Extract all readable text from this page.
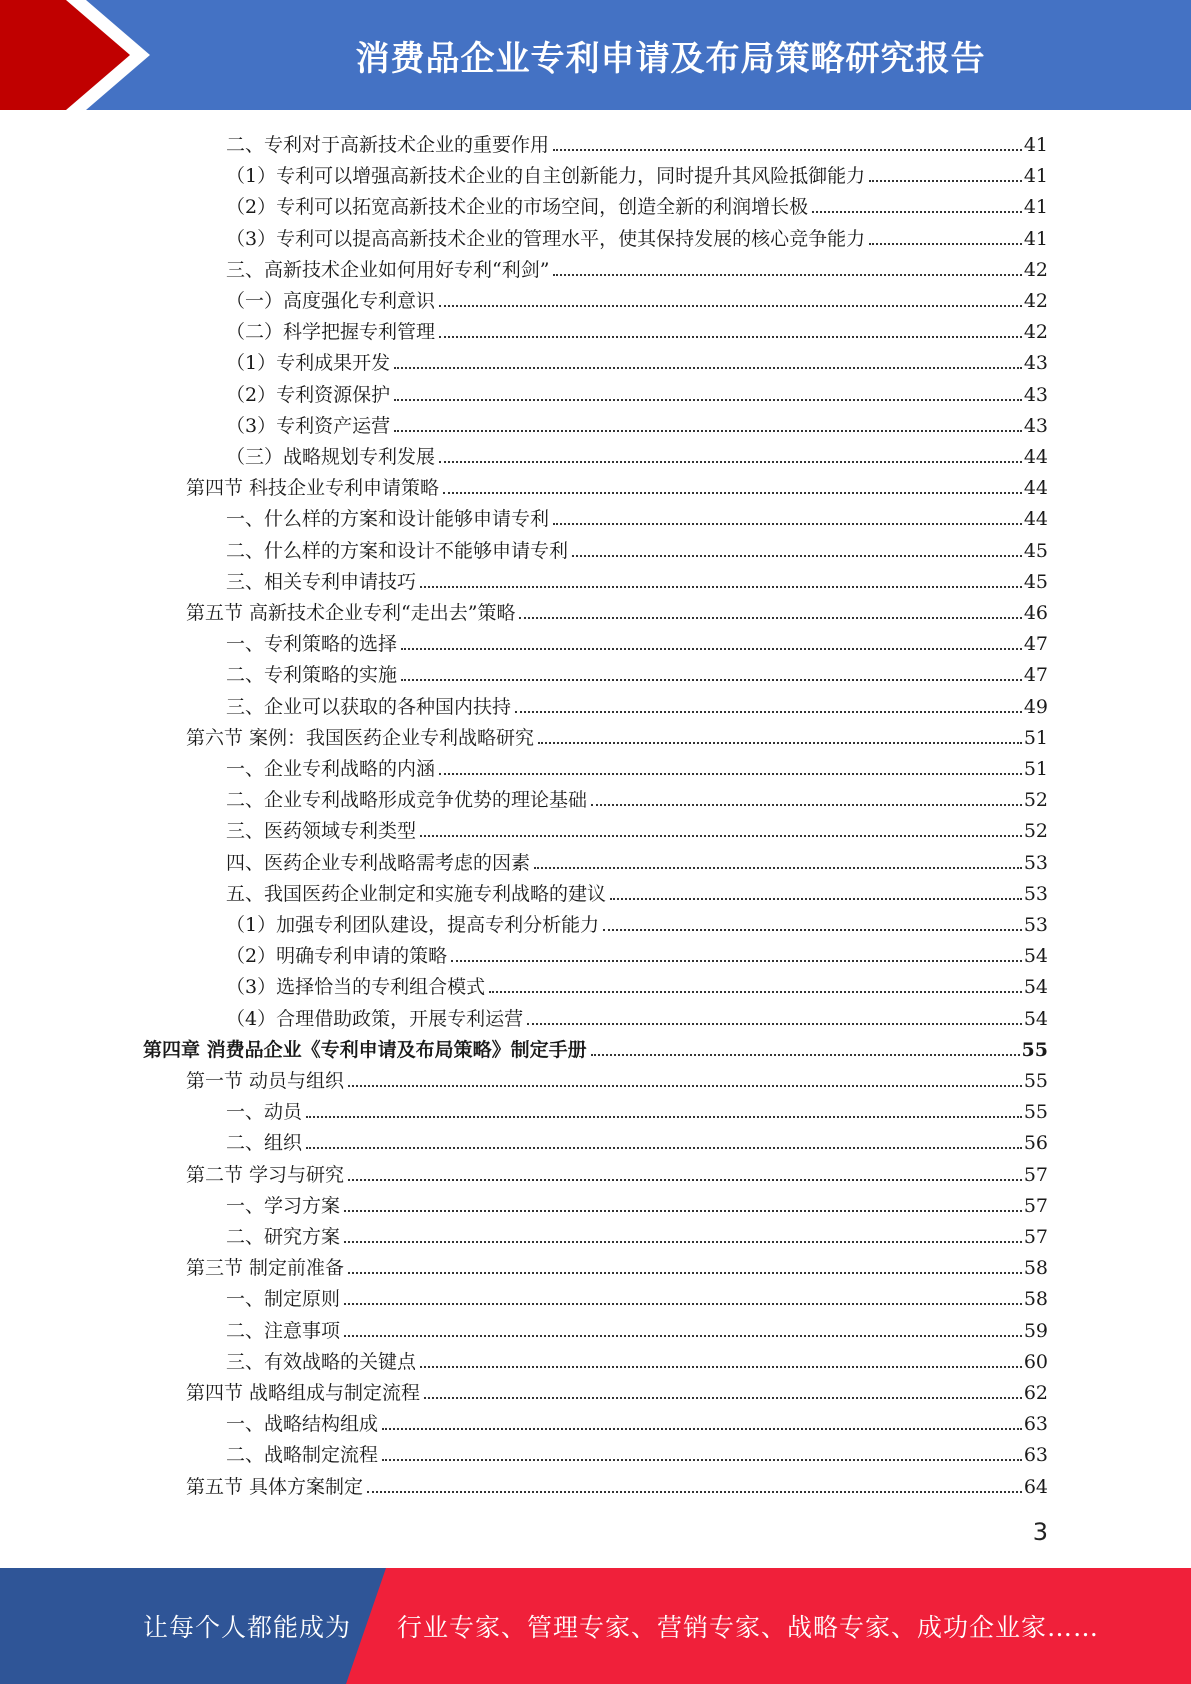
消费品企业专利申请及布局策略研究报告
二、专利对于高新技术企业的重要作用	41
（1）专利可以增强高新技术企业的自主创新能力，同时提升其风险抵御能力	41
（2）专利可以拓宽高新技术企业的市场空间，创造全新的利润增长极	41
（3）专利可以提高高新技术企业的管理水平，使其保持发展的核心竞争能力	41
三、高新技术企业如何用好专利“利剑”	42
（一）高度强化专利意识	42
（二）科学把握专利管理	42
（1）专利成果开发	43
（2）专利资源保护	43
（3）专利资产运营	43
（三）战略规划专利发展	44
第四节 科技企业专利申请策略	44
一、什么样的方案和设计能够申请专利	44
二、什么样的方案和设计不能够申请专利	45
三、相关专利申请技巧	45
第五节 高新技术企业专利“走出去”策略	46
一、专利策略的选择	47
二、专利策略的实施	47
三、企业可以获取的各种国内扶持	49
第六节 案例：我国医药企业专利战略研究	51
一、企业专利战略的内涵	51
二、企业专利战略形成竞争优势的理论基础	52
三、医药领域专利类型	52
四、医药企业专利战略需考虑的因素	53
五、我国医药企业制定和实施专利战略的建议	53
（1）加强专利团队建设，提高专利分析能力	53
（2）明确专利申请的策略	54
（3）选择恰当的专利组合模式	54
（4）合理借助政策，开展专利运营	54
第四章 消费品企业《专利申请及布局策略》制定手册	55
第一节 动员与组织	55
一、动员	55
二、组织	56
第二节 学习与研究	57
一、学习方案	57
二、研究方案	57
第三节 制定前准备	58
一、制定原则	58
二、注意事项	59
三、有效战略的关键点	60
第四节 战略组成与制定流程	62
一、战略结构组成	63
二、战略制定流程	63
第五节 具体方案制定	64
3
让每个人都能成为 行业专家、管理专家、营销专家、战略专家、成功企业家……
